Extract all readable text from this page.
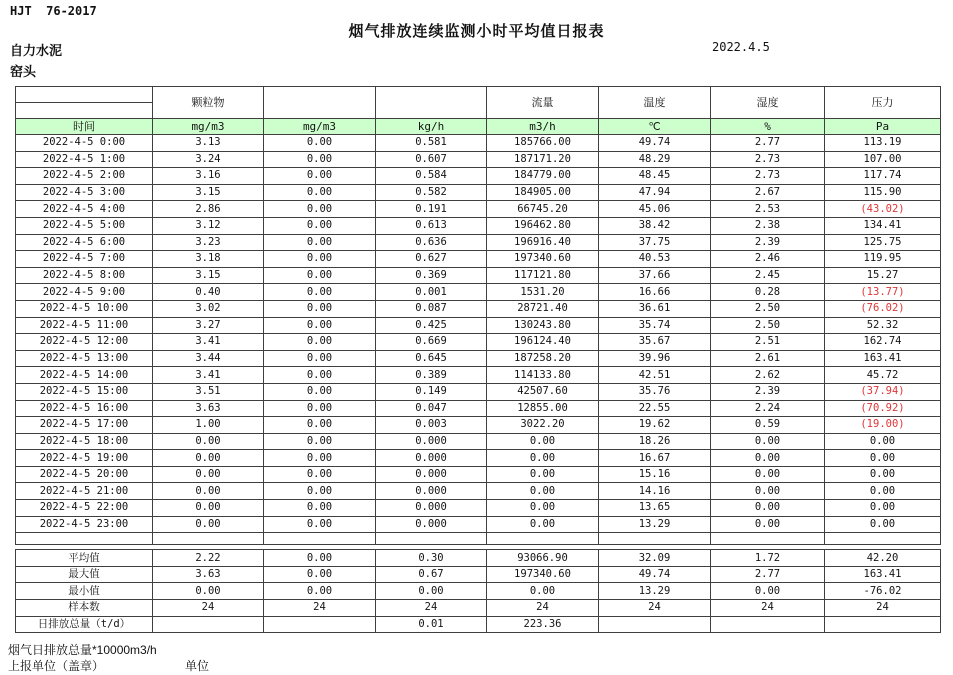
HJT  76-2017
烟气排放连续监测小时平均值日报表
自力水泥
窑头
2022.4.5
	颗粒物			流量	温度	湿度	压力

时间	mg/m3	mg/m3	kg/h	m3/h	℃	%	Pa
2022-4-5 0:00	3.13	0.00	0.581	185766.00	49.74	2.77	113.19
2022-4-5 1:00	3.24	0.00	0.607	187171.20	48.29	2.73	107.00
2022-4-5 2:00	3.16	0.00	0.584	184779.00	48.45	2.73	117.74
2022-4-5 3:00	3.15	0.00	0.582	184905.00	47.94	2.67	115.90
2022-4-5 4:00	2.86	0.00	0.191	66745.20	45.06	2.53	(43.02)
2022-4-5 5:00	3.12	0.00	0.613	196462.80	38.42	2.38	134.41
2022-4-5 6:00	3.23	0.00	0.636	196916.40	37.75	2.39	125.75
2022-4-5 7:00	3.18	0.00	0.627	197340.60	40.53	2.46	119.95
2022-4-5 8:00	3.15	0.00	0.369	117121.80	37.66	2.45	15.27
2022-4-5 9:00	0.40	0.00	0.001	1531.20	16.66	0.28	(13.77)
2022-4-5 10:00	3.02	0.00	0.087	28721.40	36.61	2.50	(76.02)
2022-4-5 11:00	3.27	0.00	0.425	130243.80	35.74	2.50	52.32
2022-4-5 12:00	3.41	0.00	0.669	196124.40	35.67	2.51	162.74
2022-4-5 13:00	3.44	0.00	0.645	187258.20	39.96	2.61	163.41
2022-4-5 14:00	3.41	0.00	0.389	114133.80	42.51	2.62	45.72
2022-4-5 15:00	3.51	0.00	0.149	42507.60	35.76	2.39	(37.94)
2022-4-5 16:00	3.63	0.00	0.047	12855.00	22.55	2.24	(70.92)
2022-4-5 17:00	1.00	0.00	0.003	3022.20	19.62	0.59	(19.00)
2022-4-5 18:00	0.00	0.00	0.000	0.00	18.26	0.00	0.00
2022-4-5 19:00	0.00	0.00	0.000	0.00	16.67	0.00	0.00
2022-4-5 20:00	0.00	0.00	0.000	0.00	15.16	0.00	0.00
2022-4-5 21:00	0.00	0.00	0.000	0.00	14.16	0.00	0.00
2022-4-5 22:00	0.00	0.00	0.000	0.00	13.65	0.00	0.00
2022-4-5 23:00	0.00	0.00	0.000	0.00	13.29	0.00	0.00

平均值	2.22	0.00	0.30	93066.90	32.09	1.72	42.20
最大值	3.63	0.00	0.67	197340.60	49.74	2.77	163.41
最小值	0.00	0.00	0.00	0.00	13.29	0.00	-76.02
样本数	24	24	24	24	24	24	24
日排放总量（t/d）			0.01	223.36			
烟气日排放总量*10000m3/h
上报单位（盖章）	单位
